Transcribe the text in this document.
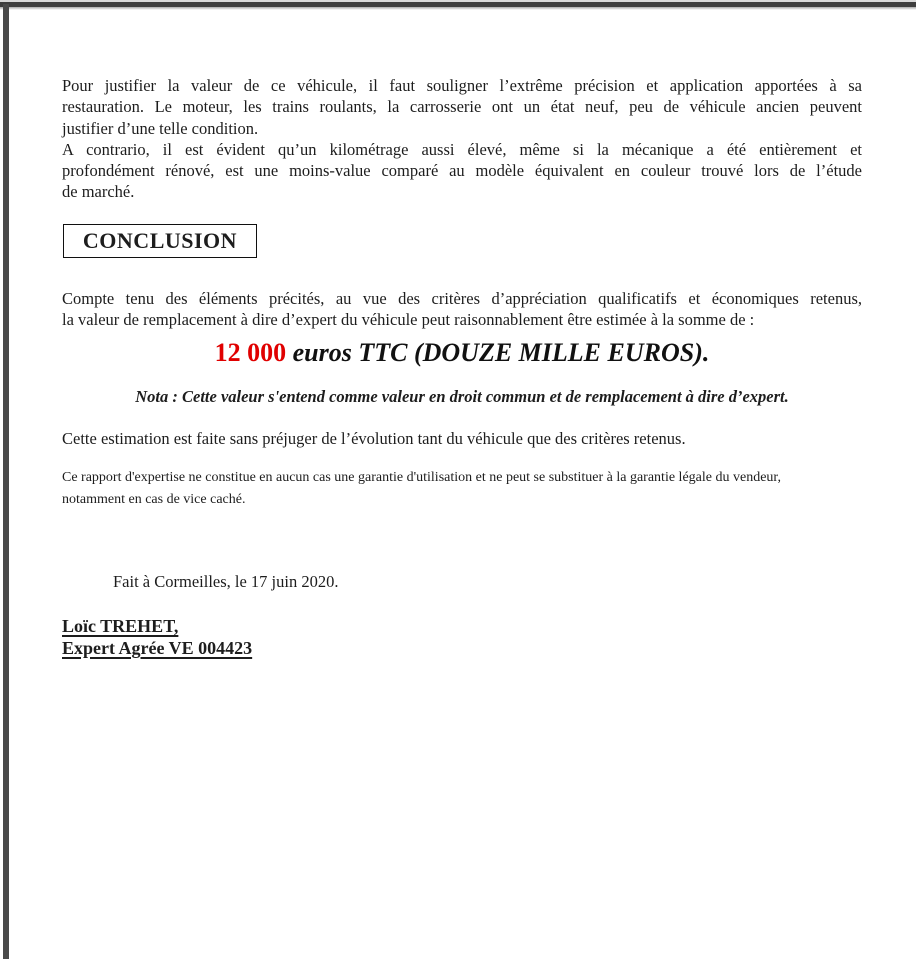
Pour justifier la valeur de ce véhicule, il faut souligner l’extrême précision et application apportées à sa
restauration. Le moteur, les trains roulants, la carrosserie ont un état neuf, peu de véhicule ancien peuvent
justifier d’une telle condition.
A contrario, il est évident qu’un kilométrage aussi élevé, même si la mécanique a été entièrement et
profondément rénové, est une moins-value comparé au modèle équivalent en couleur trouvé lors de l’étude
de marché.
CONCLUSION
Compte tenu des éléments précités, au vue des critères d’appréciation qualificatifs et économiques retenus,
la valeur de remplacement à dire d’expert du véhicule peut raisonnablement être estimée à la somme de :
12 000 euros TTC (DOUZE MILLE EUROS).
Nota : Cette valeur s'entend comme valeur en droit commun et de remplacement à dire d’expert.
Cette estimation est faite sans préjuger de l’évolution tant du véhicule que des critères retenus.
Ce rapport d'expertise ne constitue en aucun cas une garantie d'utilisation et ne peut se substituer à la garantie légale du vendeur,
notamment en cas de vice caché.
Fait à Cormeilles, le 17 juin 2020.
Loïc TREHET,
Expert Agrée VE 004423
